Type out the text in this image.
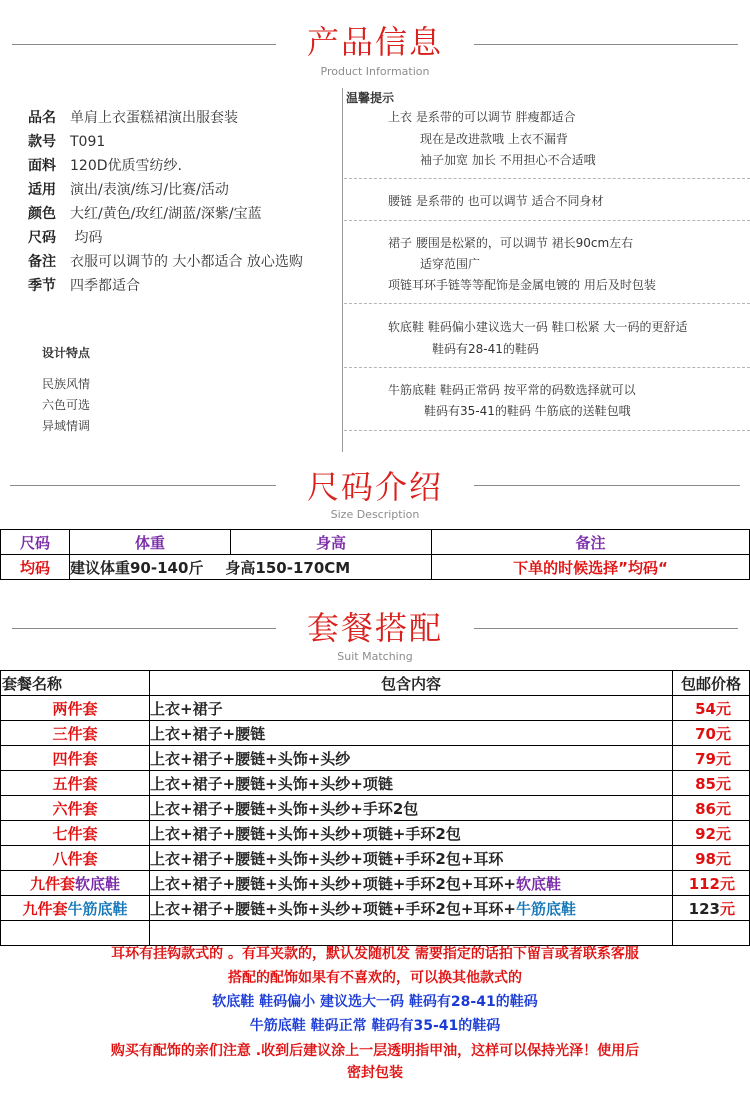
产品信息
Product Information
品名 单肩上衣蛋糕裙演出服套装
款号 T091
面料 120D优质雪纺纱.
适用 演出/表演/练习/比赛/活动
颜色 大红/黄色/玫红/湖蓝/深紫/宝蓝
尺码 均码
备注 衣服可以调节的 大小都适合 放心选购
季节 四季都适合
设计特点
民族风情
六色可选
异域情调
温馨提示
上衣 是系带的可以调节 胖瘦都适合
现在是改进款哦 上衣不漏背
袖子加宽 加长 不用担心不合适哦
腰链 是系带的 也可以调节 适合不同身材
裙子 腰围是松紧的，可以调节 裙长90cm左右
适穿范围广
项链耳环手链等等配饰是金属电镀的 用后及时包装
软底鞋 鞋码偏小建议选大一码 鞋口松紧 大一码的更舒适
鞋码有28-41的鞋码
牛筋底鞋 鞋码正常码 按平常的码数选择就可以
鞋码有35-41的鞋码 牛筋底的送鞋包哦
尺码介绍
Size Description
尺码	体重	身高	备注
均码	建议体重90-140斤 身高150-170CM		下单的时候选择”均码“
套餐搭配
Suit Matching
套餐名称	包含内容	包邮价格
两件套	上衣+裙子	54元
三件套	上衣+裙子+腰链	70元
四件套	上衣+裙子+腰链+头饰+头纱	79元
五件套	上衣+裙子+腰链+头饰+头纱+项链	85元
六件套	上衣+裙子+腰链+头饰+头纱+手环2包	86元
七件套	上衣+裙子+腰链+头饰+头纱+项链+手环2包	92元
八件套	上衣+裙子+腰链+头饰+头纱+项链+手环2包+耳环	98元
九件套软底鞋	上衣+裙子+腰链+头饰+头纱+项链+手环2包+耳环+软底鞋	112元
九件套牛筋底鞋	上衣+裙子+腰链+头饰+头纱+项链+手环2包+耳环+牛筋底鞋	123元

耳环有挂钩款式的 。有耳夹款的，默认发随机发 需要指定的话拍下留言或者联系客服
搭配的配饰如果有不喜欢的，可以换其他款式的
软底鞋 鞋码偏小 建议选大一码 鞋码有28-41的鞋码
牛筋底鞋 鞋码正常 鞋码有35-41的鞋码
购买有配饰的亲们注意 .收到后建议涂上一层透明指甲油，这样可以保持光泽！使用后
密封包装
